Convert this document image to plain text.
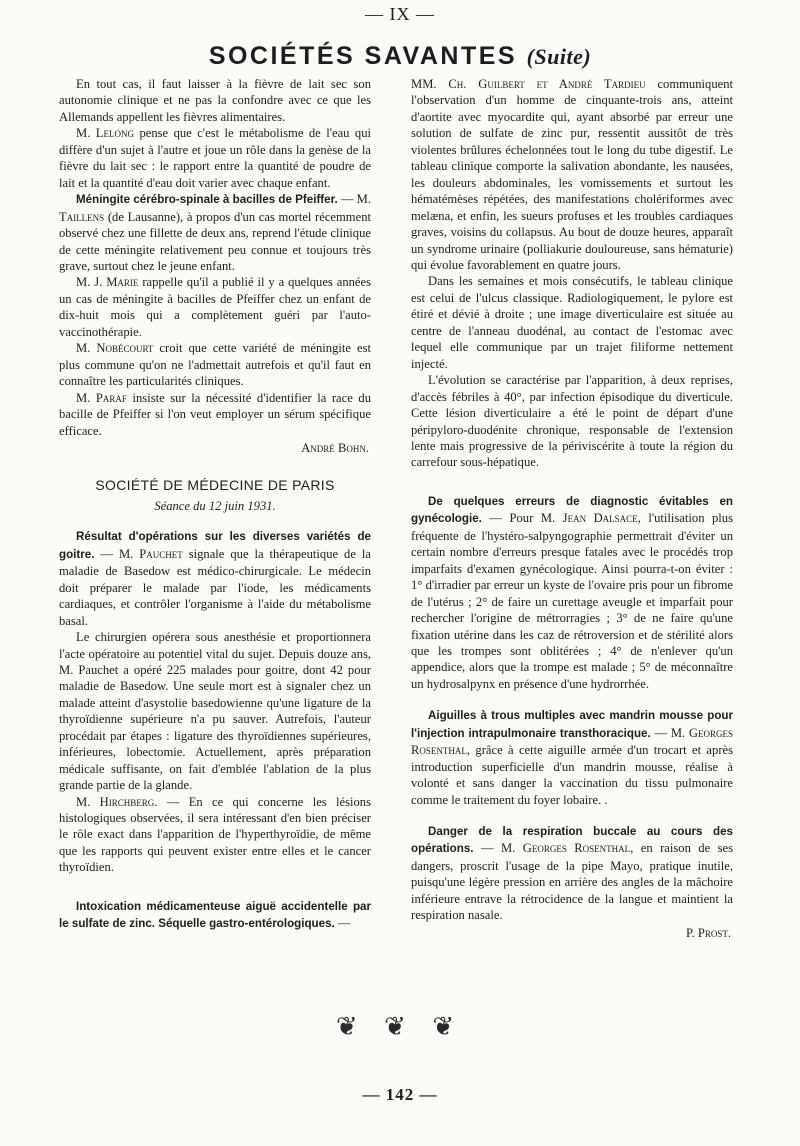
— IX —
SOCIÉTÉS SAVANTES (Suite)

En tout cas, il faut laisser à la fièvre de lait sec son autonomie clinique et ne pas la confondre avec ce que les Allemands appellent les fièvres alimentaires.

M. Lelong pense que c'est le métabolisme de l'eau qui diffère d'un sujet à l'autre et joue un rôle dans la genèse de la fièvre du lait sec : le rapport entre la quantité de poudre de lait et la quantité d'eau doit varier avec chaque enfant.

Méningite cérébro-spinale à bacilles de Pfeiffer. — M. Taillens (de Lausanne), à propos d'un cas mortel récemment observé chez une fillette de deux ans, reprend l'étude clinique de cette méningite relativement peu connue et toujours très grave, surtout chez le jeune enfant.

M. J. Marie rappelle qu'il a publié il y a quelques années un cas de méningite à bacilles de Pfeiffer chez un enfant de dix-huit mois qui a complètement guéri par l'auto-vaccinothérapie.

M. Nobécourt croit que cette variété de méningite est plus commune qu'on ne l'admettait autrefois et qu'il faut en connaître les particularités cliniques.

M. Paraf insiste sur la nécessité d'identifier la race du bacille de Pfeiffer si l'on veut employer un sérum spécifique efficace.

André Bohn.
SOCIÉTÉ DE MÉDECINE DE PARIS
Séance du 12 juin 1931.

Résultat d'opérations sur les diverses variétés de goitre. — M. Pauchet signale que la thérapeutique de la maladie de Basedow est médico-chirurgicale. Le médecin doit préparer le malade par l'iode, les médicaments cardiaques, et contrôler l'organisme à l'aide du métabolisme basal.

Le chirurgien opérera sous anesthésie et proportionnera l'acte opératoire au potentiel vital du sujet. Depuis douze ans, M. Pauchet a opéré 225 malades pour goitre, dont 42 pour maladie de Basedow. Une seule mort est à signaler chez un malade atteint d'asystolie basedowienne qu'une ligature de la thyroïdienne supérieure n'a pu sauver. Autrefois, l'auteur procédait par étapes : ligature des thyroïdiennes supérieures, inférieures, lobectomie. Actuellement, après préparation médicale suffisante, on fait d'emblée l'ablation de la plus grande partie de la glande.

M. Hirchberg. — En ce qui concerne les lésions histologiques observées, il sera intéressant d'en bien préciser le rôle exact dans l'apparition de l'hyperthyroïdie, de même que les rapports qui peuvent exister entre elles et le cancer thyroïdien.

Intoxication médicamenteuse aiguë accidentelle par le sulfate de zinc. Séquelle gastro-entérologiques. —

MM. Ch. Guilbert et André Tardieu communiquent l'observation d'un homme de cinquante-trois ans, atteint d'aortite avec myocardite qui, ayant absorbé par erreur une solution de sulfate de zinc pur, ressentit aussitôt de très violentes brûlures échelonnées tout le long du tube digestif. Le tableau clinique comporte la salivation abondante, les nausées, les douleurs abdominales, les vomissements et surtout les hématémèses répétées, des manifestations cholériformes avec melæna, et enfin, les sueurs profuses et les troubles cardiaques graves, voisins du collapsus. Au bout de douze heures, apparaît un syndrome urinaire (polliakurie douloureuse, sans hématurie) qui évolue favorablement en quatre jours.

Dans les semaines et mois consécutifs, le tableau clinique est celui de l'ulcus classique. Radiologiquement, le pylore est étiré et dévié à droite ; une image diverticulaire est située au centre de l'anneau duodénal, au contact de l'estomac avec lequel elle communique par un trajet filiforme nettement injecté.

L'évolution se caractérise par l'apparition, à deux reprises, d'accès fébriles à 40°, par infection épisodique du diverticule. Cette lésion diverticulaire a été le point de départ d'une péripyloro-duodénite chronique, responsable de l'extension lente mais progressive de la périviscérite à toute la région du carrefour sous-hépatique.

De quelques erreurs de diagnostic évitables en gynécologie. — Pour M. Jean Dalsace, l'utilisation plus fréquente de l'hystéro-salpyngographie permettrait d'éviter un certain nombre d'erreurs presque fatales avec le procédés trop imparfaits d'examen gynécologique. Ainsi pourra-t-on éviter : 1° d'irradier par erreur un kyste de l'ovaire pris pour un fibrome de l'utérus ; 2° de faire un curettage aveugle et imparfait pour rechercher l'origine de métrorragies ; 3° de ne faire qu'une fixation utérine dans les caz de rétroversion et de stérilité alors que les trompes sont oblitérées ; 4° de n'enlever qu'un appendice, alors que la trompe est malade ; 5° de méconnaître un hydrosalpynx en présence d'une hydrorrhée.

Aiguilles à trous multiples avec mandrin mousse pour l'injection intrapulmonaire transthoracique. — M. Georges Rosenthal, grâce à cette aiguille armée d'un trocart et après introduction superficielle d'un mandrin mousse, réalise à volonté et sans danger la vaccination du tissu pulmonaire comme le traitement du foyer lobaire. .

Danger de la respiration buccale au cours des opérations. — M. Georges Rosenthal, en raison de ses dangers, proscrit l'usage de la pipe Mayo, pratique inutile, puisqu'une légère pression en arrière des angles de la mâchoire inférieure entrave la rétrocidence de la langue et maintient la respiration nasale.

P. Prost.
❦ ❦ ❦
— 142 —
